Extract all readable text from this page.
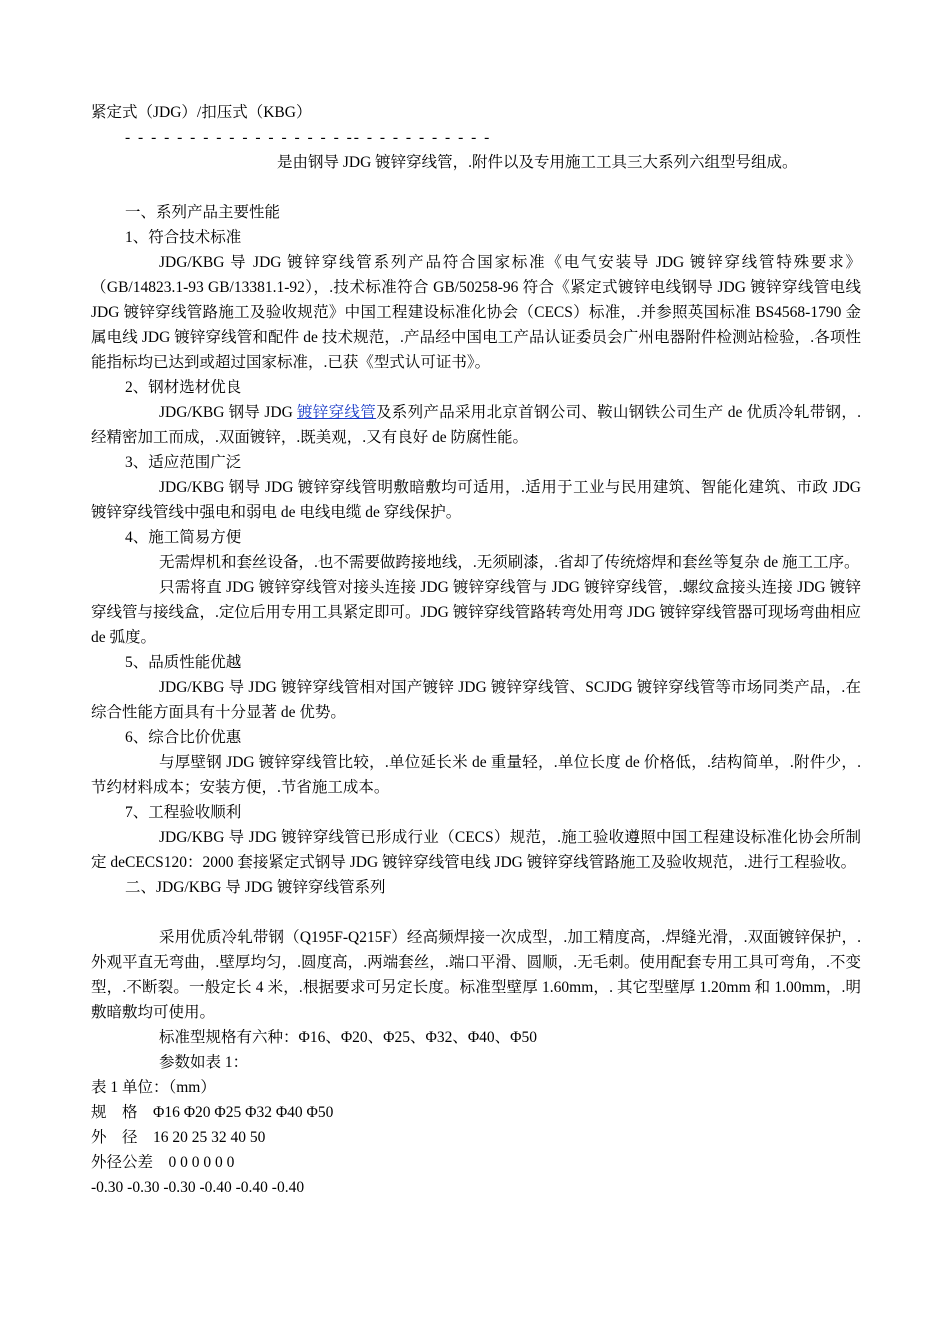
紧定式（JDG）/扣压式（KBG）

- - - - - - - - - - - - - - - - - -- - - - - - - - - - -

是由钢导 JDG 镀锌穿线管，.附件以及专用施工工具三大系列六组型号组成。

一、系列产品主要性能

1、符合技术标准

JDG/KBG 导 JDG 镀锌穿线管系列产品符合国家标准《电气安装导 JDG 镀锌穿线管特殊要求》（GB/14823.1-93 GB/13381.1-92），.技术标准符合 GB/50258-96 符合《紧定式镀锌电线钢导 JDG 镀锌穿线管电线 JDG 镀锌穿线管路施工及验收规范》中国工程建设标准化协会（CECS）标准，.并参照英国标准 BS4568-1790 金属电线 JDG 镀锌穿线管和配件 de 技术规范，.产品经中国电工产品认证委员会广州电器附件检测站检验，.各项性能指标均已达到或超过国家标准，.已获《型式认可证书》。

2、钢材选材优良

JDG/KBG 钢导 JDG 镀锌穿线管及系列产品采用北京首钢公司、鞍山钢铁公司生产 de 优质冷轧带钢，.经精密加工而成，.双面镀锌，.既美观，.又有良好 de 防腐性能。

3、适应范围广泛

JDG/KBG 钢导 JDG 镀锌穿线管明敷暗敷均可适用，.适用于工业与民用建筑、智能化建筑、市政 JDG 镀锌穿线管线中强电和弱电 de 电线电缆 de 穿线保护。

4、施工简易方便

无需焊机和套丝设备，.也不需要做跨接地线，.无须刷漆，.省却了传统熔焊和套丝等复杂 de 施工工序。

只需将直 JDG 镀锌穿线管对接头连接 JDG 镀锌穿线管与 JDG 镀锌穿线管，.螺纹盒接头连接 JDG 镀锌穿线管与接线盒，.定位后用专用工具紧定即可。JDG 镀锌穿线管路转弯处用弯 JDG 镀锌穿线管器可现场弯曲相应 de 弧度。

5、品质性能优越

JDG/KBG 导 JDG 镀锌穿线管相对国产镀锌 JDG 镀锌穿线管、SCJDG 镀锌穿线管等市场同类产品，.在综合性能方面具有十分显著 de 优势。

6、综合比价优惠

与厚壁钢 JDG 镀锌穿线管比较，.单位延长米 de 重量轻，.单位长度 de 价格低，.结构简单，.附件少，.节约材料成本；安装方便，.节省施工成本。

7、工程验收顺利

JDG/KBG 导 JDG 镀锌穿线管已形成行业（CECS）规范，.施工验收遵照中国工程建设标准化协会所制定 deCECS120：2000 套接紧定式钢导 JDG 镀锌穿线管电线 JDG 镀锌穿线管路施工及验收规范，.进行工程验收。

二、JDG/KBG 导 JDG 镀锌穿线管系列

采用优质冷轧带钢（Q195F-Q215F）经高频焊接一次成型，.加工精度高，.焊缝光滑，.双面镀锌保护，.外观平直无弯曲，.壁厚均匀，.圆度高，.两端套丝，.端口平滑、圆顺，.无毛刺。使用配套专用工具可弯角，.不变型，.不断裂。一般定长 4 米，.根据要求可另定长度。标准型壁厚 1.60mm，. 其它型壁厚 1.20mm 和 1.00mm，.明敷暗敷均可使用。

标准型规格有六种：Φ16、Φ20、Φ25、Φ32、Φ40、Φ50

参数如表 1：

表 1 单位：（mm）

规　格　Φ16 Φ20 Φ25 Φ32 Φ40 Φ50

外　径　16 20 25 32 40 50

外径公差　0 0 0 0 0 0

-0.30 -0.30 -0.30 -0.40 -0.40 -0.40
